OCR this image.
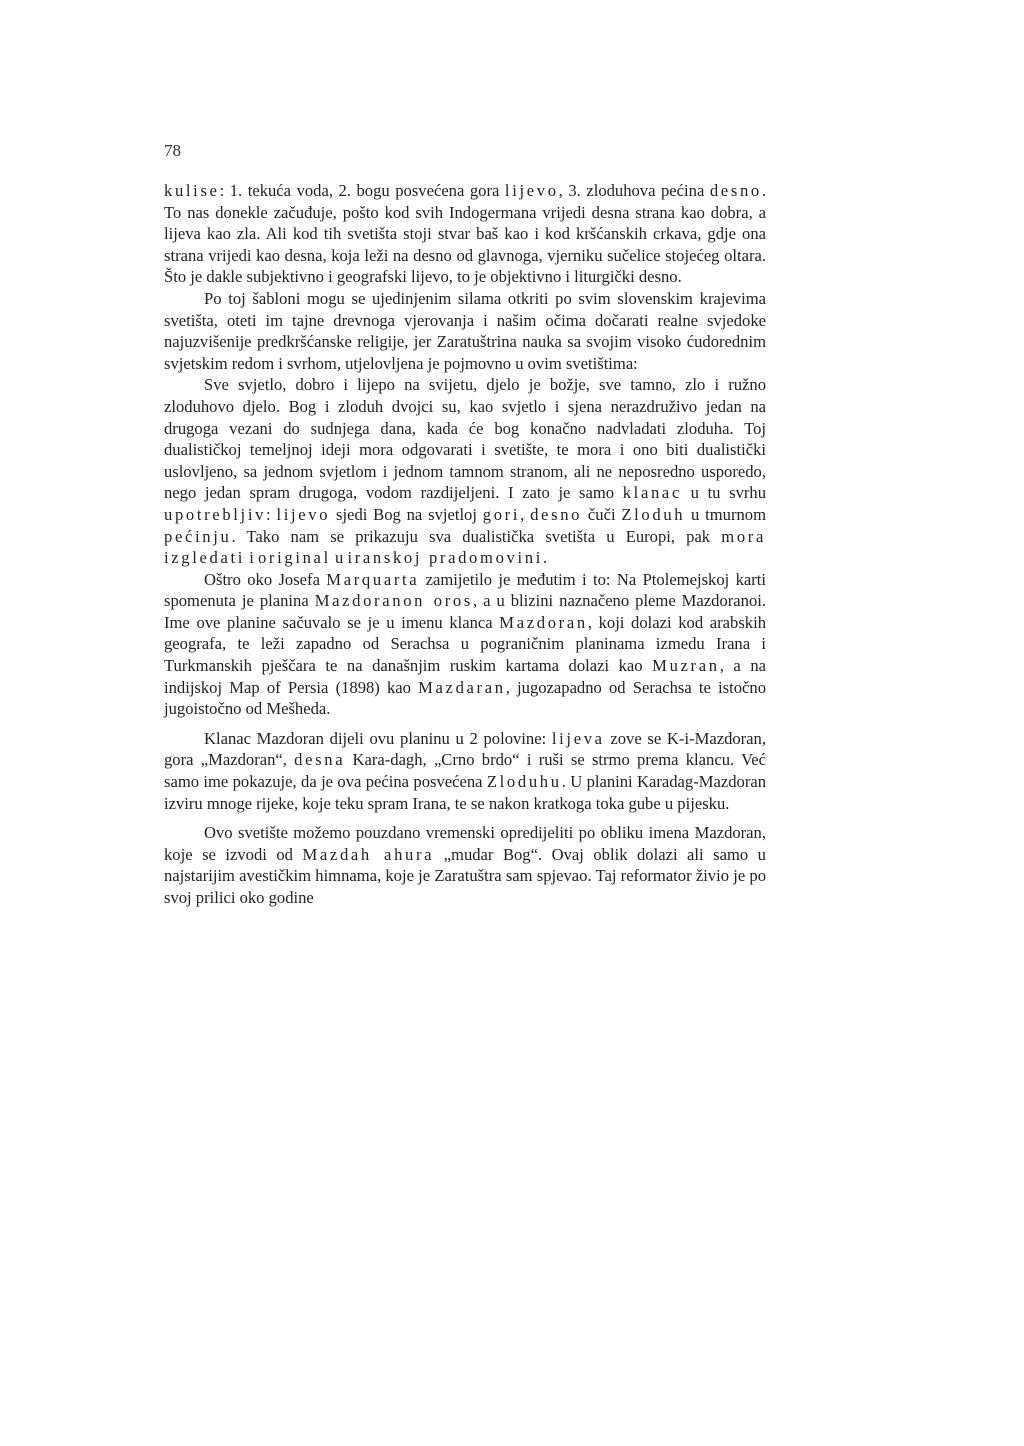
78

kulise: 1. tekuća voda, 2. bogu posvećena gora lijevo, 3. zloduhova pećina desno. To nas donekle začuđuje, pošto kod svih Indogermana vrijedi desna strana kao dobra, a lijeva kao zla. Ali kod tih svetišta stoji stvar baš kao i kod kršćanskih crkava, gdje ona strana vrijedi kao desna, koja leži na desno od glavnoga, vjerniku sučelice stojećeg oltara. Što je dakle subjektivno i geografski lijevo, to je objektivno i liturgički desno.

Po toj šabloni mogu se ujedinjenim silama otkriti po svim slovenskim krajevima svetišta, oteti im tajne drevnoga vjerovanja i našim očima dočarati realne svjedoke najuzvišenije predkršćanske religije, jer Zaratuštrina nauka sa svojim visoko ćudorednim svjetskim redom i svrhom, utjelovljena je pojmovno u ovim svetištima:

Sve svjetlo, dobro i lijepo na svijetu, djelo je božje, sve tamno, zlo i ružno zloduhovo djelo. Bog i zloduh dvojci su, kao svjetlo i sjena nerazdruživo jedan na drugoga vezani do sudnjega dana, kada će bog konačno nadvladati zloduha. Toj dualističkoj temeljnoj ideji mora odgovarati i svetište, te mora i ono biti dualistički uslovljeno, sa jednom svjetlom i jednom tamnom stranom, ali ne neposredno usporedo, nego jedan spram drugoga, vodom razdijeljeni. I zato je samo klanac u tu svrhu upotrebljiv: lijevo sjedi Bog na svjetloj gori, desno čuči Zloduh u tmurnom pećinju. Tako nam se prikazuju sva dualistička svetišta u Europi, pak mora izgledati i original u iranskoj pradomovini.

Oštro oko Josefa Marquarta zamijetilo je međutim i to: Na Ptolemejskoj karti spomenuta je planina Mazdoranon oros, a u blizini naznačeno pleme Mazdoranoi. Ime ove planine sačuvalo se je u imenu klanca Mazdoran, koji dolazi kod arabskih geografa, te leži zapadno od Serachsa u pograničnim planinama izmedu Irana i Turkmanskih pješčara te na današnjim ruskim kartama dolazi kao Muzran, a na indijskoj Map of Persia (1898) kao Mazdaran, jugozapadno od Serachsa te istočno jugoistočno od Mešheda.

Klanac Mazdoran dijeli ovu planinu u 2 polovine: lijeva zove se K-i-Mazdoran, gora „Mazdoran“, desna Kara-dagh, „Crno brdo“ i ruši se strmo prema klancu. Već samo ime pokazuje, da je ova pećina posvećena Zloduhu. U planini Karadag-Mazdoran izviru mnoge rijeke, koje teku spram Irana, te se nakon kratkoga toka gube u pijesku.

Ovo svetište možemo pouzdano vremenski opredijeliti po obliku imena Mazdoran, koje se izvodi od Mazdah ahura „mudar Bog“. Ovaj oblik dolazi ali samo u najstarijim avestičkim himnama, koje je Zaratuštra sam spjevao. Taj reformator živio je po svoj prilici oko godine
